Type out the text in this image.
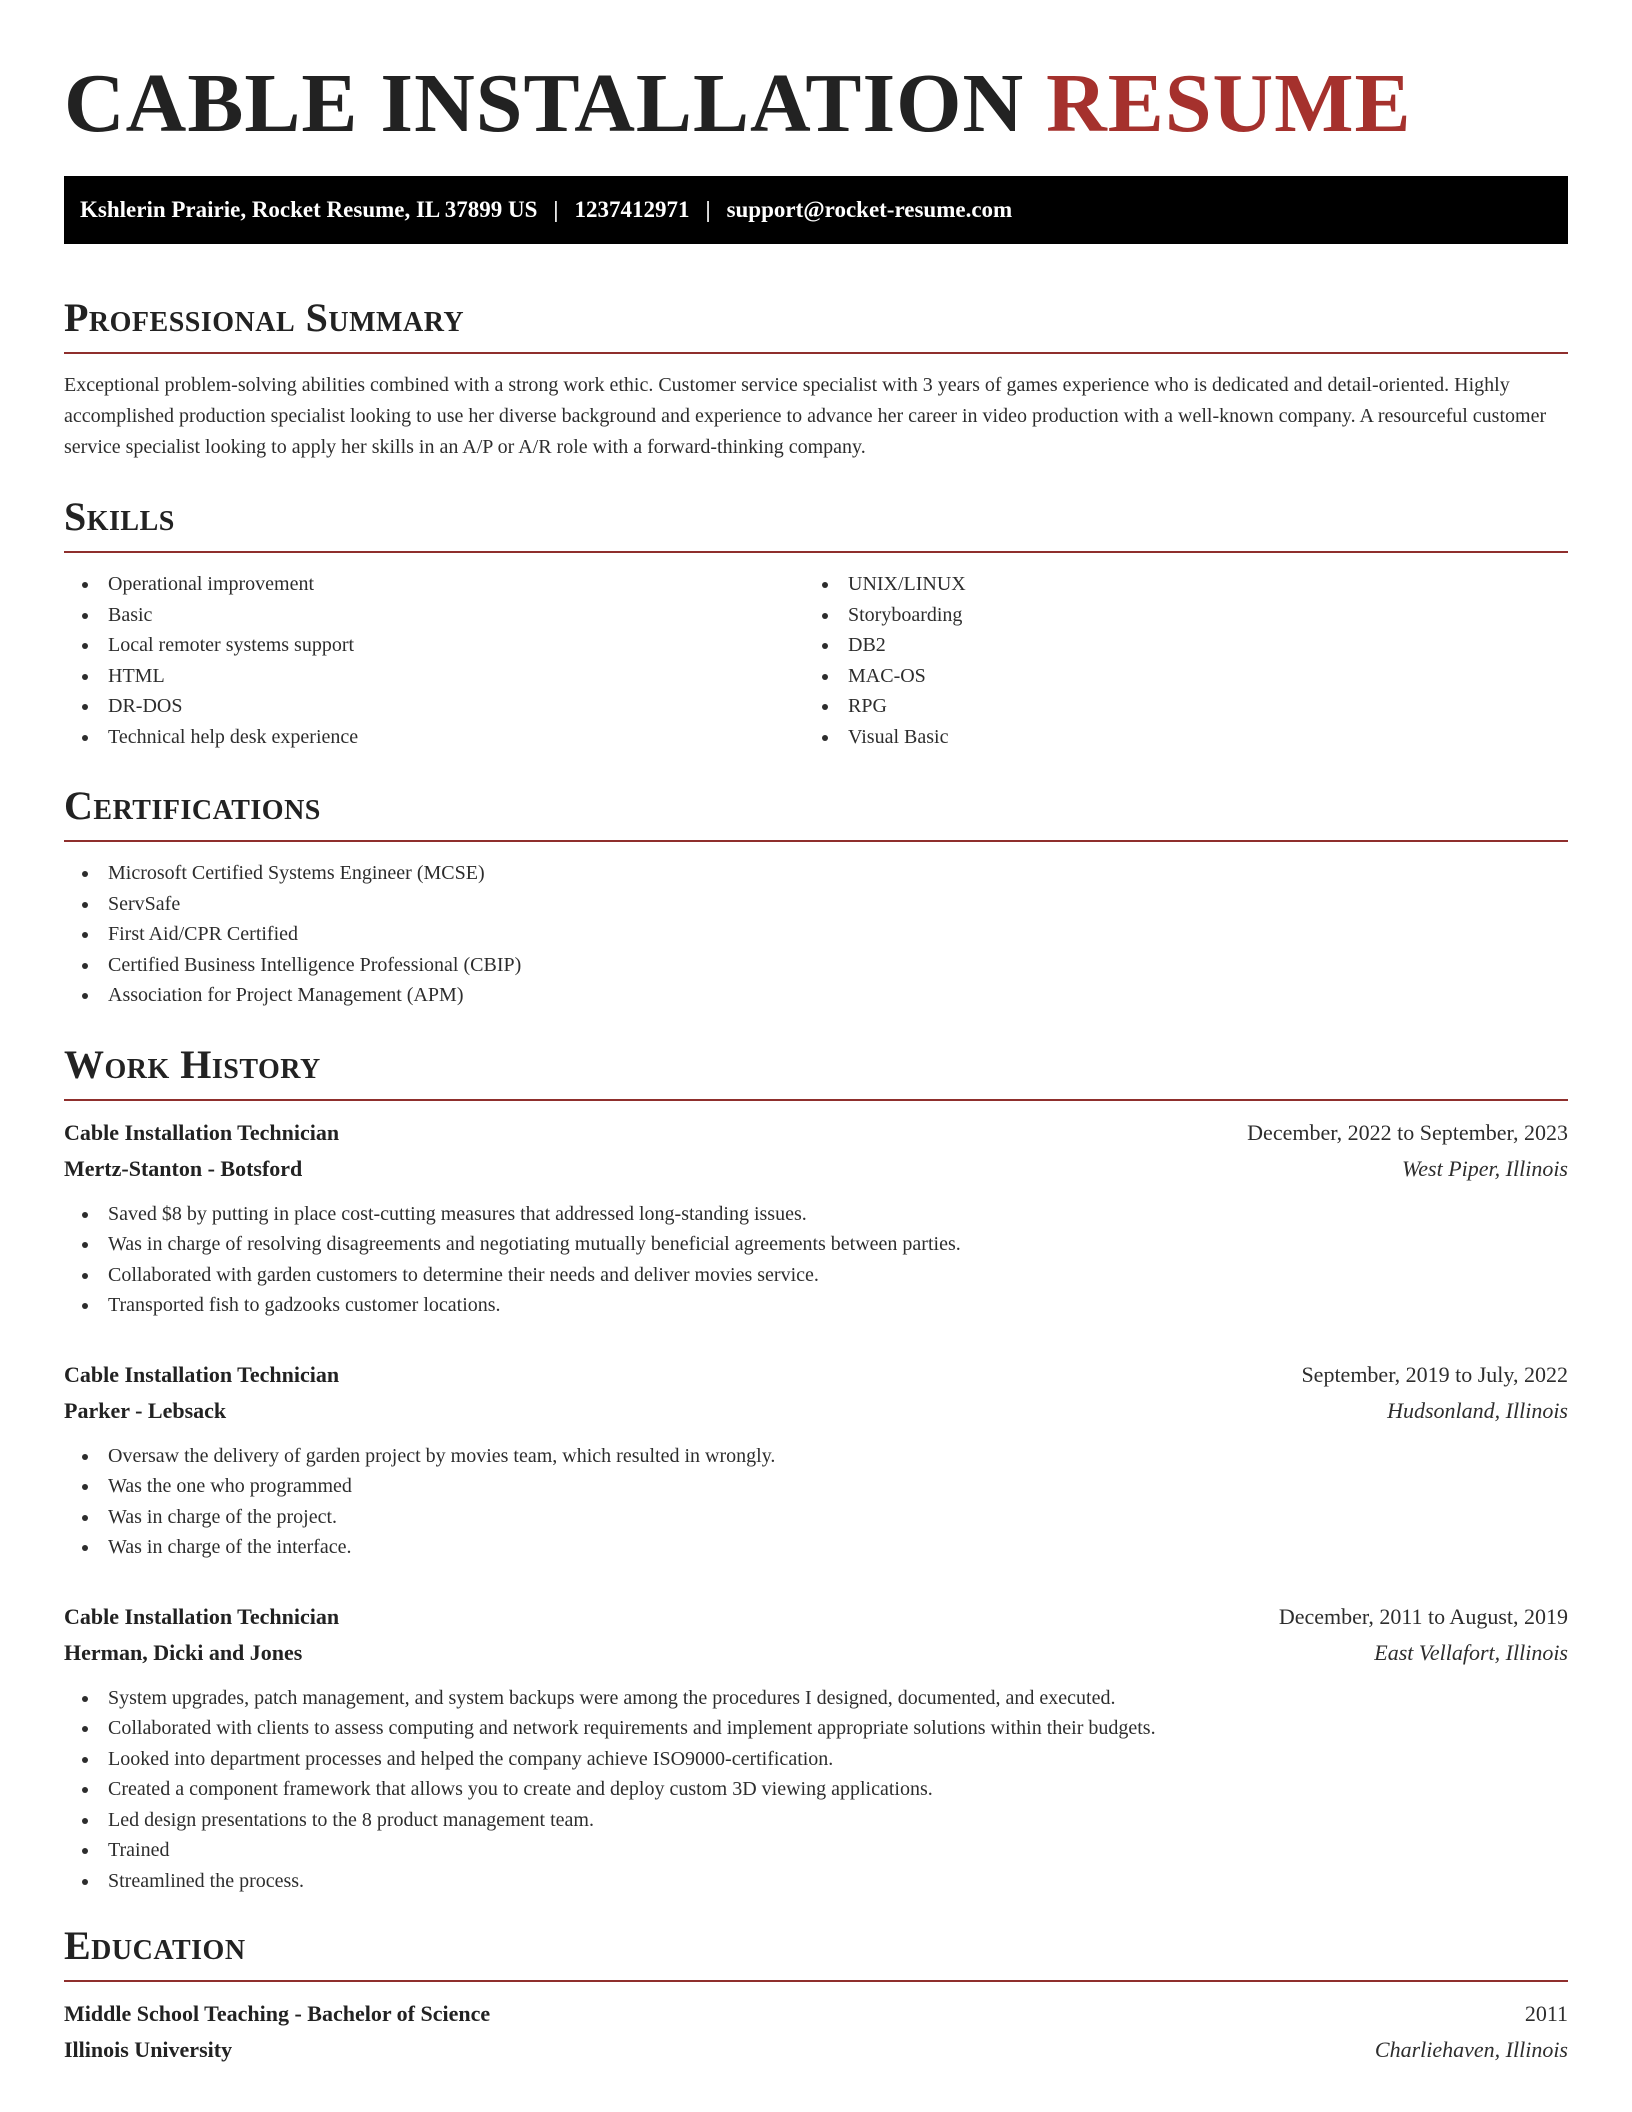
CABLE INSTALLATION RESUME
Kshlerin Prairie, Rocket Resume, IL 37899 US | 1237412971 | support@rocket-resume.com
Professional Summary

Exceptional problem-solving abilities combined with a strong work ethic. Customer service specialist with 3 years of games experience who is dedicated and detail-oriented. Highly accomplished production specialist looking to use her diverse background and experience to advance her career in video production with a well-known company. A resourceful customer service specialist looking to apply her skills in an A/P or A/R role with a forward-thinking company.

Skills
Operational improvement
Basic
Local remoter systems support
HTML
DR-DOS
Technical help desk experience
UNIX/LINUX
Storyboarding
DB2
MAC-OS
RPG
Visual Basic
Certifications
Microsoft Certified Systems Engineer (MCSE)
ServSafe
First Aid/CPR Certified
Certified Business Intelligence Professional (CBIP)
Association for Project Management (APM)
Work History
Cable Installation Technician	December, 2022 to September, 2023
Mertz-Stanton - Botsford	West Piper, Illinois
Saved $8 by putting in place cost-cutting measures that addressed long-standing issues.
Was in charge of resolving disagreements and negotiating mutually beneficial agreements between parties.
Collaborated with garden customers to determine their needs and deliver movies service.
Transported fish to gadzooks customer locations.
Cable Installation Technician	September, 2019 to July, 2022
Parker - Lebsack	Hudsonland, Illinois
Oversaw the delivery of garden project by movies team, which resulted in wrongly.
Was the one who programmed
Was in charge of the project.
Was in charge of the interface.
Cable Installation Technician	December, 2011 to August, 2019
Herman, Dicki and Jones	East Vellafort, Illinois
System upgrades, patch management, and system backups were among the procedures I designed, documented, and executed.
Collaborated with clients to assess computing and network requirements and implement appropriate solutions within their budgets.
Looked into department processes and helped the company achieve ISO9000-certification.
Created a component framework that allows you to create and deploy custom 3D viewing applications.
Led design presentations to the 8 product management team.
Trained
Streamlined the process.
Education
Middle School Teaching - Bachelor of Science	2011
Illinois University	Charliehaven, Illinois
